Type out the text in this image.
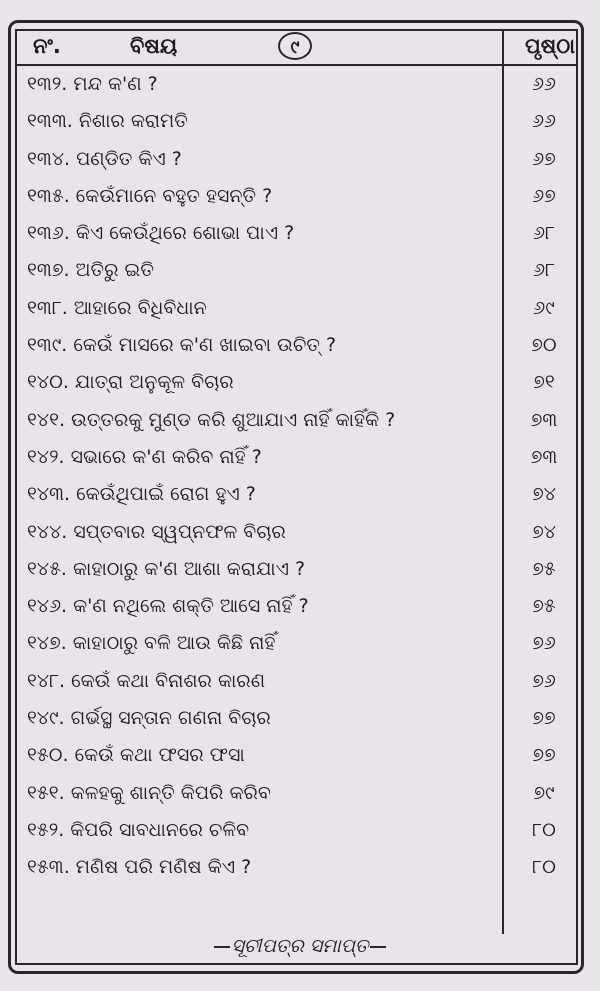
ନଂ.	ବିଷୟ	୯	ପୃଷ୍ଠା
୧୩୨. ମନ୍ଦ କ'ଣ ?	୬୬
୧୩୩. ନିଶାର କରାମତି	୬୬
୧୩୪. ପଣ୍ଡିତ କିଏ ?	୬୭
୧୩୫. କେଉଁମାନେ ବହୁତ ହସନ୍ତି ?	୬୭
୧୩୬. କିଏ କେଉଁଥିରେ ଶୋଭା ପାଏ ?	୬୮
୧୩୭. ଅତିରୁ ଇତି	୬୮
୧୩୮. ଆହାରେ ବିଧିବିଧାନ	୬୯
୧୩୯. କେଉଁ ମାସରେ କ'ଣ ଖାଇବା ଉଚିତ୍ ?	୭୦
୧୪୦. ଯାତ୍ରା ଅନୁକୂଳ ବିଚାର	୭୧
୧୪୧. ଉତ୍ତରକୁ ମୁଣ୍ଡ କରି ଶୁଆଯାଏ ନାହିଁ କାହିଁକି ?	୭୩
୧୪୨. ସଭାରେ କ'ଣ କରିବ ନାହିଁ ?	୭୩
୧୪୩. କେଉଁଥିପାଇଁ ରୋଗ ହୁଏ ?	୭୪
୧୪୪. ସପ୍ତବାର ସ୍ୱପ୍ନଫଳ ବିଚାର	୭୪
୧୪୫. କାହାଠାରୁ କ'ଣ ଆଶା କରାଯାଏ ?	୭୫
୧୪୬. କ'ଣ ନଥିଲେ ଶକ୍ତି ଆସେ ନାହିଁ ?	୭୫
୧୪୭. କାହାଠାରୁ ବଳି ଆଉ କିଛି ନାହିଁ	୭୬
୧୪୮. କେଉଁ କଥା ବିନାଶର କାରଣ	୭୬
୧୪୯. ଗର୍ଭସ୍ଥ ସନ୍ତାନ ଗଣନା ବିଚାର	୭୭
୧୫୦. କେଉଁ କଥା ଫସର ଫସା	୭୭
୧୫୧. କଳହକୁ ଶାନ୍ତି କିପରି କରିବ	୭୯
୧୫୨. କିପରି ସାବଧାନରେ ଚଳିବ	୮୦
୧୫୩. ମଣିଷ ପରି ମଣିଷ କିଏ ?	୮୦
ସୂଚୀପତ୍ର ସମାପ୍ତ
